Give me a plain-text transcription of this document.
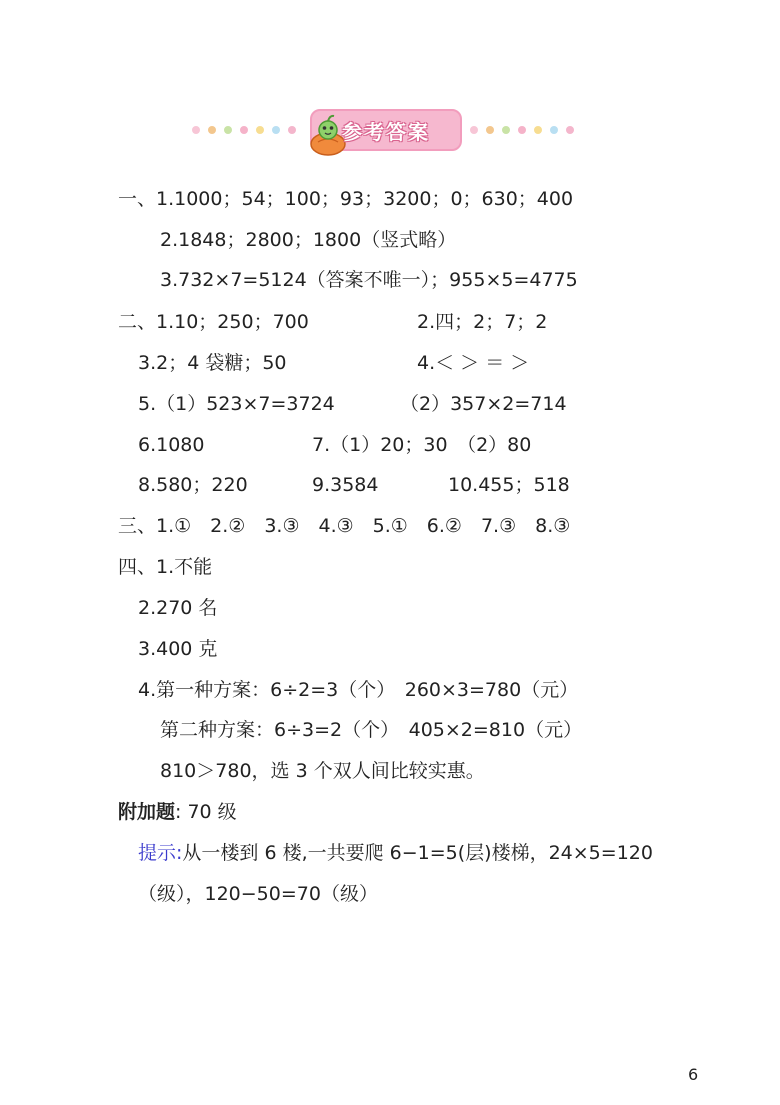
参考答案
一、1.1000；54；100；93；3200；0；630；400
2.1848；2800；1800（竖式略）
3.732×7=5124（答案不唯一）；955×5=4775
二、1.10；250；700	2.四；2；7；2
3.2；4 袋糖；50	4.＜ ＞ ＝ ＞
5.（1）523×7=3724	（2）357×2=714
6.1080	7.（1）20；30　（2）80
8.580；220	9.3584	10.455；518
三、1.①　2.②　3.③　4.③　5.①　6.②　7.③　8.③
四、1.不能
2.270 名
3.400 克
4.第一种方案：6÷2=3（个）　260×3=780（元）
第二种方案：6÷3=2（个）　405×2=810（元）
810＞780，选 3 个双人间比较实惠。
附加题: 70 级
提示:从一楼到 6 楼,一共要爬 6−1=5(层)楼梯，24×5=120
（级），120−50=70（级）
6
